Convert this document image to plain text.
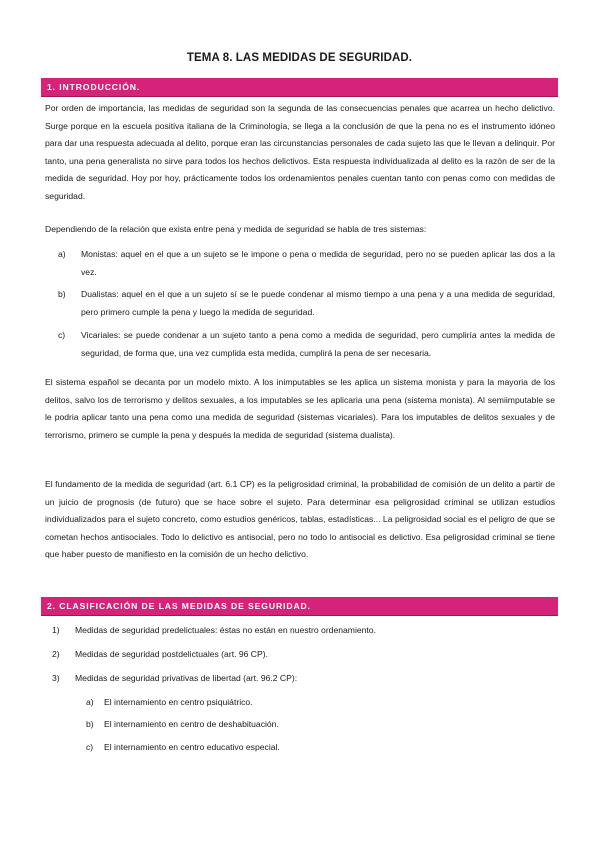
TEMA 8. LAS MEDIDAS DE SEGURIDAD.
1. INTRODUCCIÓN.

Por orden de importancia, las medidas de seguridad son la segunda de las consecuencias penales que acarrea un hecho delictivo. Surge porque en la escuela positiva italiana de la Criminología, se llega a la conclusión de que la pena no es el instrumento idóneo para dar una respuesta adecuada al delito, porque eran las circunstancias personales de cada sujeto las que le llevan a delinquir. Por tanto, una pena generalista no sirve para todos los hechos delictivos. Esta respuesta individualizada al delito es la razón de ser de la medida de seguridad. Hoy por hoy, prácticamente todos los ordenamientos penales cuentan tanto con penas como con medidas de seguridad.

Dependiendo de la relación que exista entre pena y medida de seguridad se habla de tres sistemas:

a) Monistas: aquel en el que a un sujeto se le impone o pena o medida de seguridad, pero no se pueden aplicar las dos a la vez.
b) Dualistas: aquel en el que a un sujeto sí se le puede condenar al mismo tiempo a una pena y a una medida de seguridad, pero primero cumple la pena y luego la medida de seguridad.
c) Vicariales: se puede condenar a un sujeto tanto a pena como a medida de seguridad, pero cumpliría antes la medida de seguridad, de forma que, una vez cumplida esta medida, cumplirá la pena de ser necesaria.

El sistema español se decanta por un modelo mixto. A los inimputables se les aplica un sistema monista y para la mayoria de los delitos, salvo los de terrorismo y delitos sexuales, a los imputables se les aplicaria una pena (sistema monista). Al semiimputable se le podria aplicar tanto una pena como una medida de seguridad (sistemas vicariales). Para los imputables de delitos sexuales y de terrorismo, primero se cumple la pena y después la medida de seguridad (sistema dualista).

El fundamento de la medida de seguridad (art. 6.1 CP) es la peligrosidad criminal, la probabilidad de comisión de un delito a partir de un juicio de prognosis (de futuro) que se hace sobre el sujeto. Para determinar esa peligrosidad criminal se utilizan estudios individualizados para el sujeto concreto, como estudios genéricos, tablas, estadísticas... La peligrosidad social es el peligro de que se cometan hechos antisociales. Todo lo delictivo es antisocial, pero no todo lo antisocial es delictivo. Esa peligrosidad criminal se tiene que haber puesto de manifiesto en la comisión de un hecho delictivo.

2. CLASIFICACIÓN DE LAS MEDIDAS DE SEGURIDAD.
1) Medidas de seguridad predelictuales: éstas no están en nuestro ordenamiento.
2) Medidas de seguridad postdelictuales (art. 96 CP).
3) Medidas de seguridad privativas de libertad (art. 96.2 CP):
a) El internamiento en centro psiquiátrico.
b) El internamiento en centro de deshabituación.
c) El internamiento en centro educativo especial.
